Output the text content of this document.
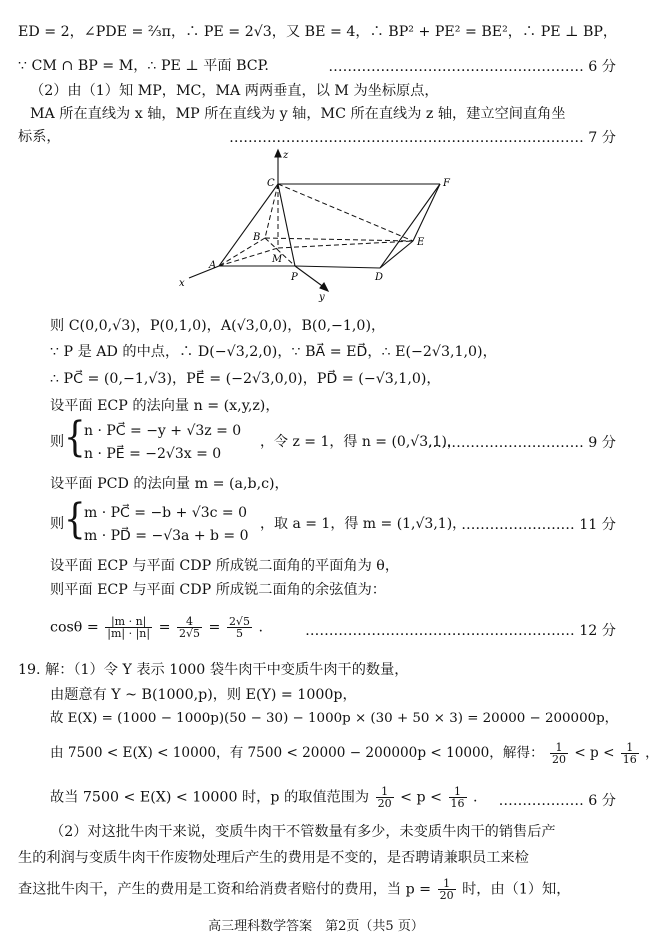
ED = 2，∠PDE = ⅔π，∴ PE = 2√3，又 BE = 4，∴ BP² + PE² = BE²，∴ PE ⊥ BP，
∵ CM ∩ BP = M，∴ PE ⊥ 平面 BCP.	……………………………………………… 6 分
（2）由（1）知 MP，MC，MA 两两垂直，以 M 为坐标原点，
MA 所在直线为 x 轴，MP 所在直线为 y 轴，MC 所在直线为 z 轴，建立空间直角坐
标系，	………………………………………………………………… 7 分
z
x
y
C	F
B	E
A
M
P	D
则 C(0,0,√3)，P(0,1,0)，A(√3,0,0)，B(0,−1,0)，
∵ P 是 AD 的中点，∴ D(−√3,2,0)，∵ BA⃗ = ED⃗，∴ E(−2√3,1,0)，
∴ PC⃗ = (0,−1,√3)，PE⃗ = (−2√3,0,0)，PD⃗ = (−√3,1,0)，
设平面 ECP 的法向量 n = (x,y,z)，
则 {
n · PC⃗ = −y + √3z = 0
n · PE⃗ = −2√3x = 0
，令 z = 1，得 n = (0,√3,1)，
…………………………… 9 分
设平面 PCD 的法向量 m = (a,b,c)，
则 {
m · PC⃗ = −b + √3c = 0
m · PD⃗ = −√3a + b = 0
，取 a = 1，得 m = (1,√3,1)，
…………………… 11 分
设平面 ECP 与平面 CDP 所成锐二面角的平面角为 θ，
则平面 ECP 与平面 CDP 所成锐二面角的余弦值为：
$\cos\theta = \frac{|m \cdot n|}{|m| \cdot |n|} = \frac{4}{2√5} = \frac{2√5}{5}$ .	………………………………………………… 12 分
19. 解：（1）令 Y 表示 1000 袋牛肉干中变质牛肉干的数量，
由题意有 Y ~ B(1000,p)，则 E(Y) = 1000p，
故 E(X) = (1000 − 1000p)(50 − 30) − 1000p × (30 + 50 × 3) = 20000 − 200000p，
由 7500 < E(X) < 10000，有 7500 < 20000 − 200000p < 10000，解得： $\frac{1}{20} < p < \frac{1}{16}$ ，
故当 7500 < E(X) < 10000 时，p 的取值范围为 $\frac{1}{20} < p < \frac{1}{16}$ . ……………… 6 分
（2）对这批牛肉干来说，变质牛肉干不管数量有多少，未变质牛肉干的销售后产
生的利润与变质牛肉干作废物处理后产生的费用是不变的，是否聘请兼职员工来检
查这批牛肉干，产生的费用是工资和给消费者赔付的费用，当 $p = \frac{1}{20}$ 时，由（1）知，
高三理科数学答案　第2页（共5 页）
